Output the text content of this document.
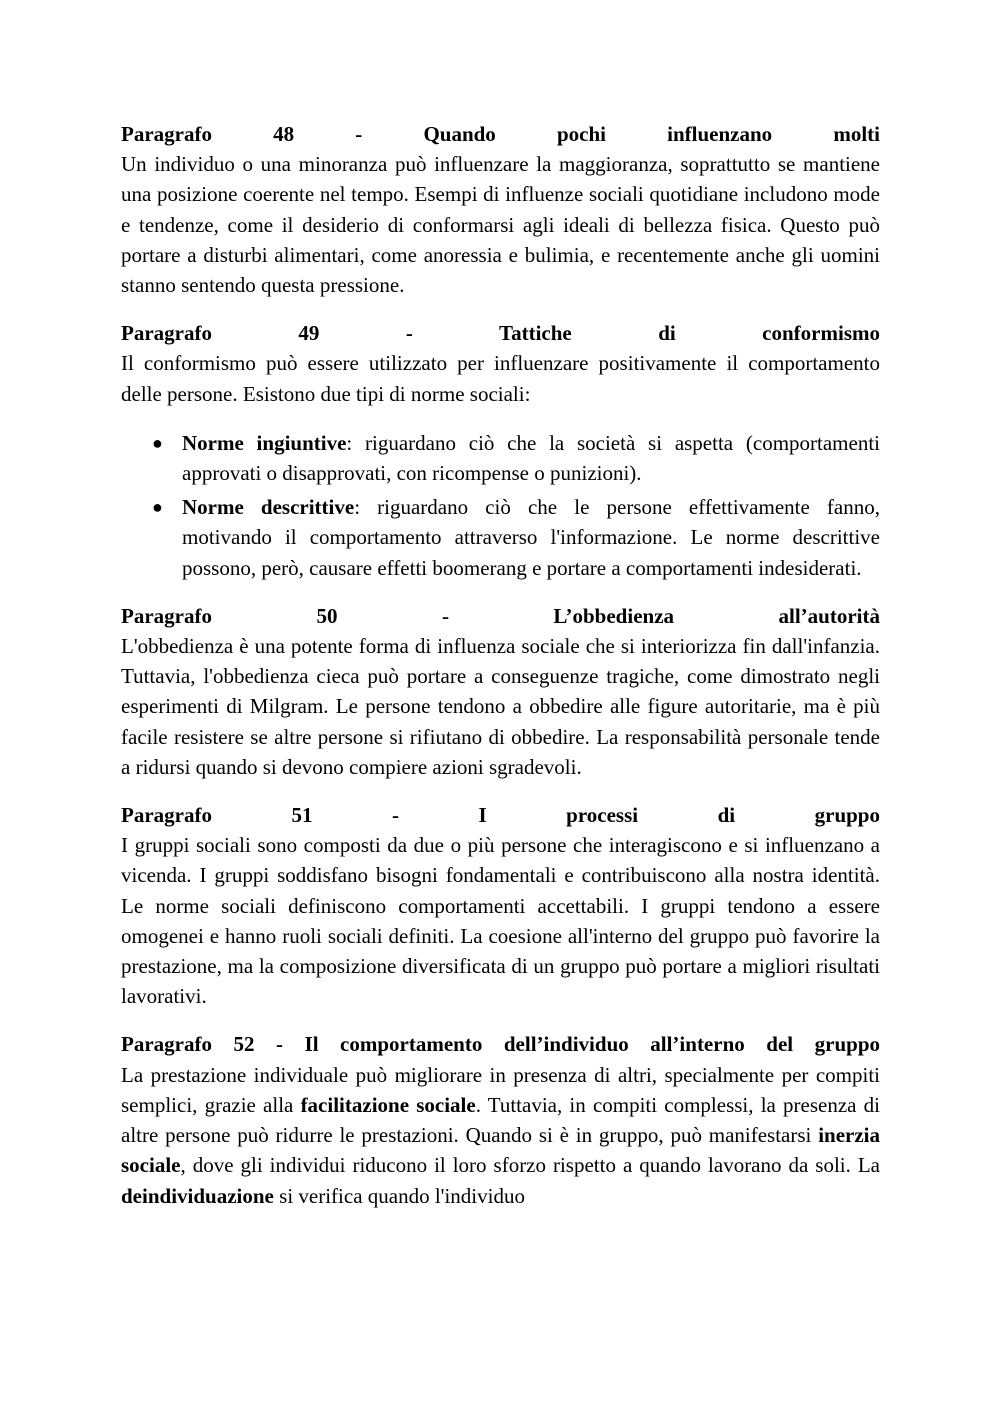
Paragrafo 48 - Quando pochi influenzano molti

Un individuo o una minoranza può influenzare la maggioranza, soprattutto se mantiene una posizione coerente nel tempo. Esempi di influenze sociali quotidiane includono mode e tendenze, come il desiderio di conformarsi agli ideali di bellezza fisica. Questo può portare a disturbi alimentari, come anoressia e bulimia, e recentemente anche gli uomini stanno sentendo questa pressione.

Paragrafo 49 - Tattiche di conformismo

Il conformismo può essere utilizzato per influenzare positivamente il comportamento delle persone. Esistono due tipi di norme sociali:

● Norme ingiuntive: riguardano ciò che la società si aspetta (comportamenti approvati o disapprovati, con ricompense o punizioni).
● Norme descrittive: riguardano ciò che le persone effettivamente fanno, motivando il comportamento attraverso l'informazione. Le norme descrittive possono, però, causare effetti boomerang e portare a comportamenti indesiderati.
Paragrafo 50 - L’obbedienza all’autorità

L'obbedienza è una potente forma di influenza sociale che si interiorizza fin dall'infanzia. Tuttavia, l'obbedienza cieca può portare a conseguenze tragiche, come dimostrato negli esperimenti di Milgram. Le persone tendono a obbedire alle figure autoritarie, ma è più facile resistere se altre persone si rifiutano di obbedire. La responsabilità personale tende a ridursi quando si devono compiere azioni sgradevoli.

Paragrafo 51 - I processi di gruppo

I gruppi sociali sono composti da due o più persone che interagiscono e si influenzano a vicenda. I gruppi soddisfano bisogni fondamentali e contribuiscono alla nostra identità. Le norme sociali definiscono comportamenti accettabili. I gruppi tendono a essere omogenei e hanno ruoli sociali definiti. La coesione all'interno del gruppo può favorire la prestazione, ma la composizione diversificata di un gruppo può portare a migliori risultati lavorativi.

Paragrafo 52 - Il comportamento dell’individuo all’interno del gruppo

La prestazione individuale può migliorare in presenza di altri, specialmente per compiti semplici, grazie alla facilitazione sociale. Tuttavia, in compiti complessi, la presenza di altre persone può ridurre le prestazioni. Quando si è in gruppo, può manifestarsi inerzia sociale, dove gli individui riducono il loro sforzo rispetto a quando lavorano da soli. La deindividuazione si verifica quando l'individuo
